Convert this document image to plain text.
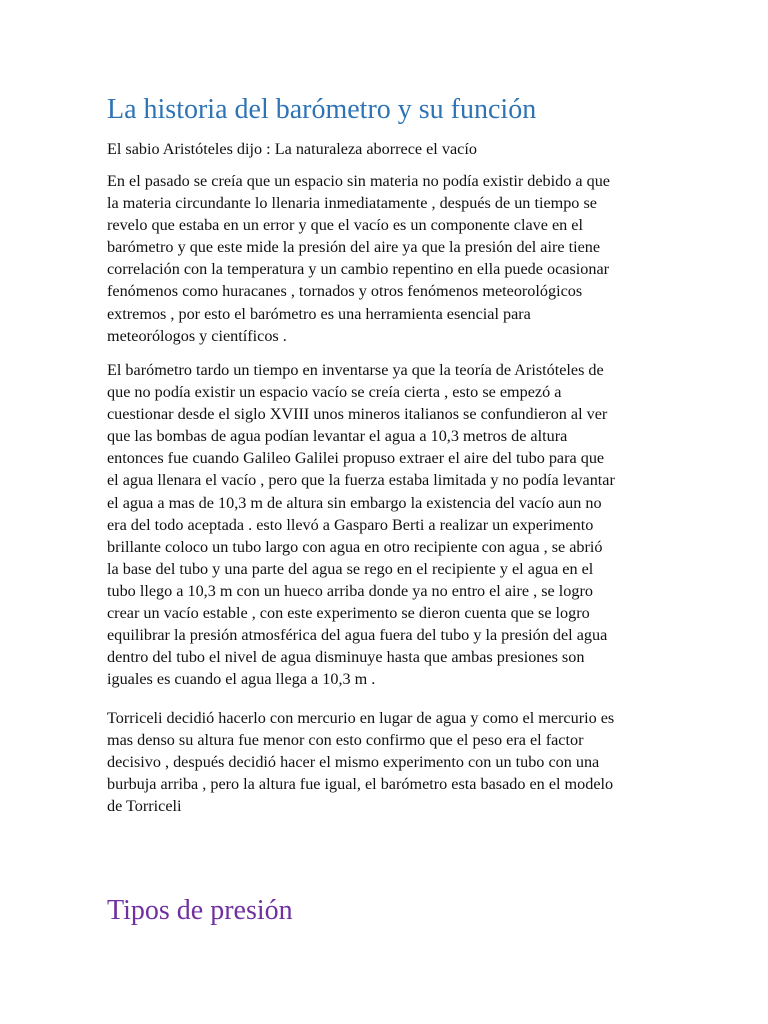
La historia del barómetro y su función

El sabio Aristóteles dijo : La naturaleza aborrece el vacío

En el pasado se creía que un espacio sin materia no podía existir debido a que
la materia circundante lo llenaria inmediatamente , después de un tiempo se
revelo que estaba en un error y que el vacío es un componente clave en el
barómetro y que este mide la presión del aire ya que la presión del aire tiene
correlación con la temperatura y un cambio repentino en ella puede ocasionar
fenómenos como huracanes , tornados y otros fenómenos meteorológicos
extremos , por esto el barómetro es una herramienta esencial para
meteorólogos y científicos .

El barómetro tardo un tiempo en inventarse ya que la teoría de Aristóteles de
que no podía existir un espacio vacío se creía cierta , esto se empezó a
cuestionar desde el siglo XVIII unos mineros italianos se confundieron al ver
que las bombas de agua podían levantar el agua a 10,3 metros de altura
entonces fue cuando Galileo Galilei propuso extraer el aire del tubo para que
el agua llenara el vacío , pero que la fuerza estaba limitada y no podía levantar
el agua a mas de 10,3 m de altura sin embargo la existencia del vacío aun no
era del todo aceptada . esto llevó a Gasparo Berti a realizar un experimento
brillante coloco un tubo largo con agua en otro recipiente con agua , se abrió
la base del tubo y una parte del agua se rego en el recipiente y el agua en el
tubo llego a 10,3 m con un hueco arriba donde ya no entro el aire , se logro
crear un vacío estable , con este experimento se dieron cuenta que se logro
equilibrar la presión atmosférica del agua fuera del tubo y la presión del agua
dentro del tubo el nivel de agua disminuye hasta que ambas presiones son
iguales es cuando el agua llega a 10,3 m .

Torriceli decidió hacerlo con mercurio en lugar de agua y como el mercurio es
mas denso su altura fue menor con esto confirmo que el peso era el factor
decisivo , después decidió hacer el mismo experimento con un tubo con una
burbuja arriba , pero la altura fue igual, el barómetro esta basado en el modelo
de Torriceli

Tipos de presión
